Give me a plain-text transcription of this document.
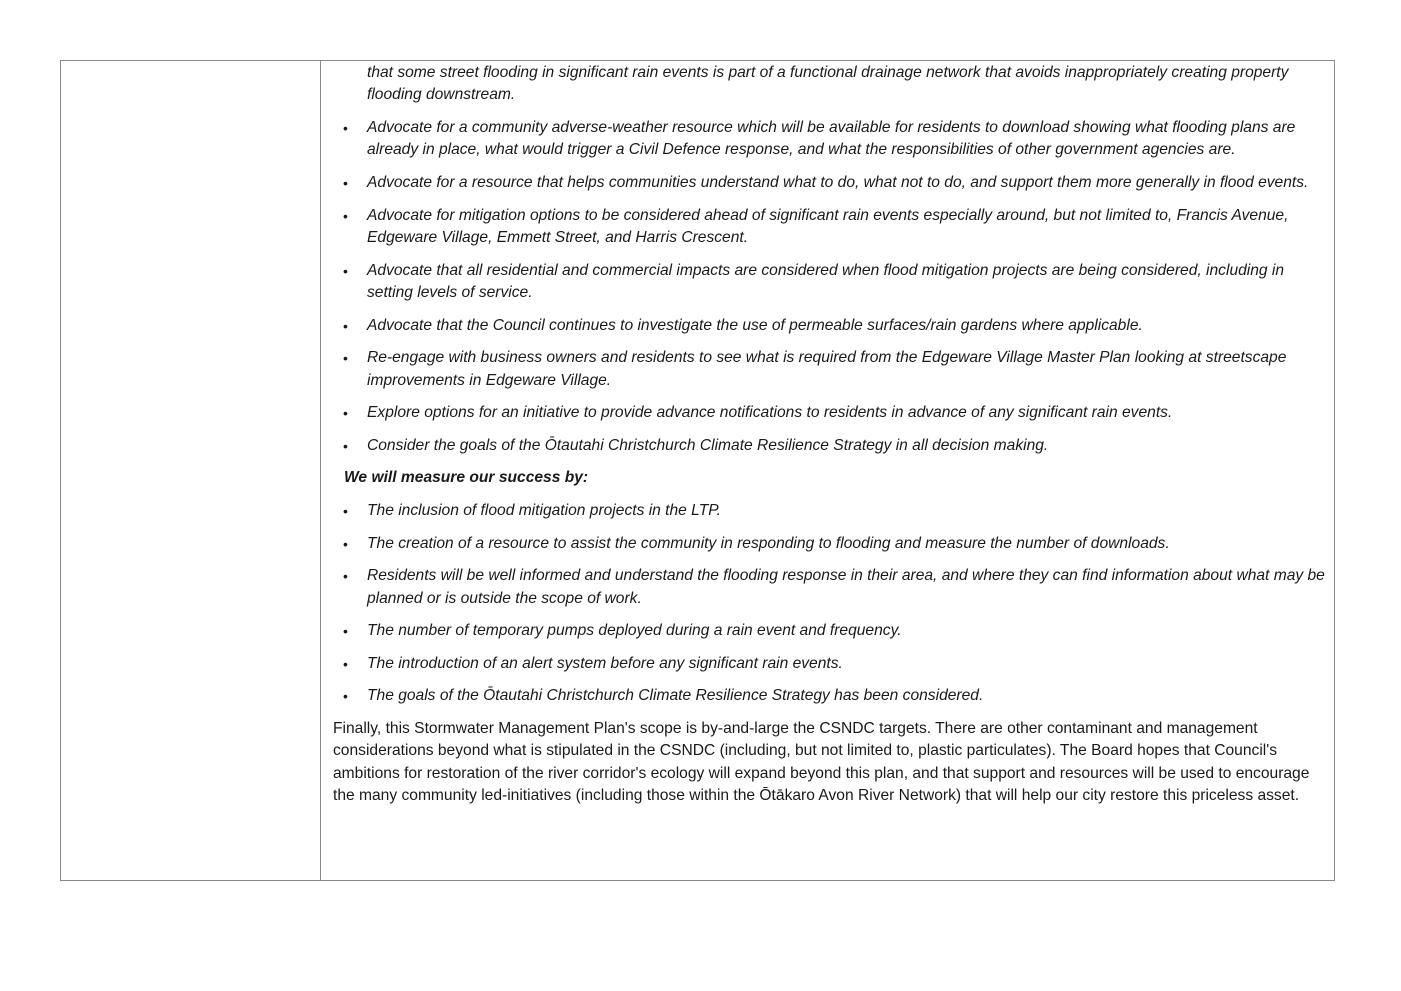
that some street flooding in significant rain events is part of a functional drainage network that avoids inappropriately creating property flooding downstream.
• Advocate for a community adverse-weather resource which will be available for residents to download showing what flooding plans are already in place, what would trigger a Civil Defence response, and what the responsibilities of other government agencies are.
• Advocate for a resource that helps communities understand what to do, what not to do, and support them more generally in flood events.
• Advocate for mitigation options to be considered ahead of significant rain events especially around, but not limited to, Francis Avenue, Edgeware Village, Emmett Street, and Harris Crescent.
• Advocate that all residential and commercial impacts are considered when flood mitigation projects are being considered, including in setting levels of service.
• Advocate that the Council continues to investigate the use of permeable surfaces/rain gardens where applicable.
• Re-engage with business owners and residents to see what is required from the Edgeware Village Master Plan looking at streetscape improvements in Edgeware Village.
• Explore options for an initiative to provide advance notifications to residents in advance of any significant rain events.
• Consider the goals of the Ōtautahi Christchurch Climate Resilience Strategy in all decision making.
We will measure our success by:
• The inclusion of flood mitigation projects in the LTP.
• The creation of a resource to assist the community in responding to flooding and measure the number of downloads.
• Residents will be well informed and understand the flooding response in their area, and where they can find information about what may be planned or is outside the scope of work.
• The number of temporary pumps deployed during a rain event and frequency.
• The introduction of an alert system before any significant rain events.
• The goals of the Ōtautahi Christchurch Climate Resilience Strategy has been considered.

Finally, this Stormwater Management Plan's scope is by-and-large the CSNDC targets. There are other contaminant and management considerations beyond what is stipulated in the CSNDC (including, but not limited to, plastic particulates). The Board hopes that Council's ambitions for restoration of the river corridor's ecology will expand beyond this plan, and that support and resources will be used to encourage the many community led-initiatives (including those within the Ōtākaro Avon River Network) that will help our city restore this priceless asset.
